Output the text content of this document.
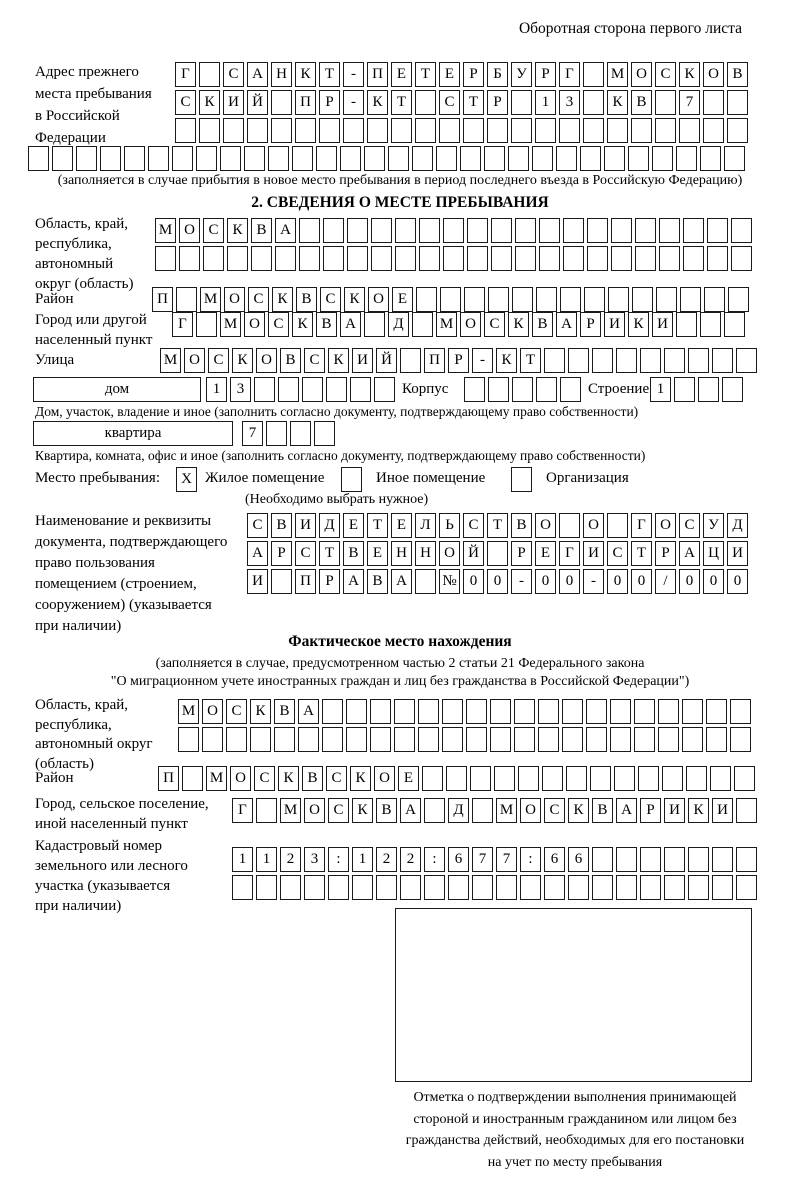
Оборотная сторона первого листа
Адрес прежнего
места пребывания
в Российской
Федерации
Г	С А Н К Т	-	П Е Т Е	Р	Б У Р	Г	М О С К О В
С К И Й	П Р	-	К Т	С Т	Р	1	3	К В	7
(заполняется в случае прибытия в новое место пребывания в период последнего въезда в Российскую Федерацию)
2. СВЕДЕНИЯ О МЕСТЕ ПРЕБЫВАНИЯ
Область, край,
республика,
автономный
округ (область)
М О С К В А
Район	П	М О С К В С К О Е
Город или другой
населенный пункт
Г	М О С К В А	Д	М О С К В А Р И К И
Улица	М О С К О В С К И Й	П Р	-	К Т
дом	1	3	Корпус	Строение 1
Дом, участок, владение и иное (заполнить согласно документу, подтверждающему право собственности)
квартира	7
Квартира, комната, офис и иное (заполнить согласно документу, подтверждающему право собственности)
Место пребывания:	X Жилое помещение	Иное помещение	Организация
(Необходимо выбрать нужное)
Наименование и реквизиты
документа, подтверждающего
право пользования
помещением (строением,
сооружением) (указывается
при наличии)
С В И Д Е Т Е Л Ь С Т В О	О	Г О С У Д
А Р С Т В Е Н Н О Й	Р	Е	Г И С Т	Р А Ц И
И	П Р А В А	№ 0	0	-	0	0	-	0	0	/	0	0	0
Фактическое место нахождения
(заполняется в случае, предусмотренном частью 2 статьи 21 Федерального закона
"О миграционном учете иностранных граждан и лиц без гражданства в Российской Федерации")
Область, край,
республика,
автономный округ
(область)
М О С К В А
Район	П	М О С К В С К О Е
Город, сельское поселение,
иной населенный пункт
Г	М О С К В А	Д	М О С К В А Р И К И
Кадастровый номер
земельного или лесного
участка (указывается
при наличии)
1	1	2	3	:	1	2	2	:	6	7	7	:	6	6
Отметка о подтверждении выполнения принимающей
стороной и иностранным гражданином или лицом без
гражданства действий, необходимых для его постановки
на учет по месту пребывания
